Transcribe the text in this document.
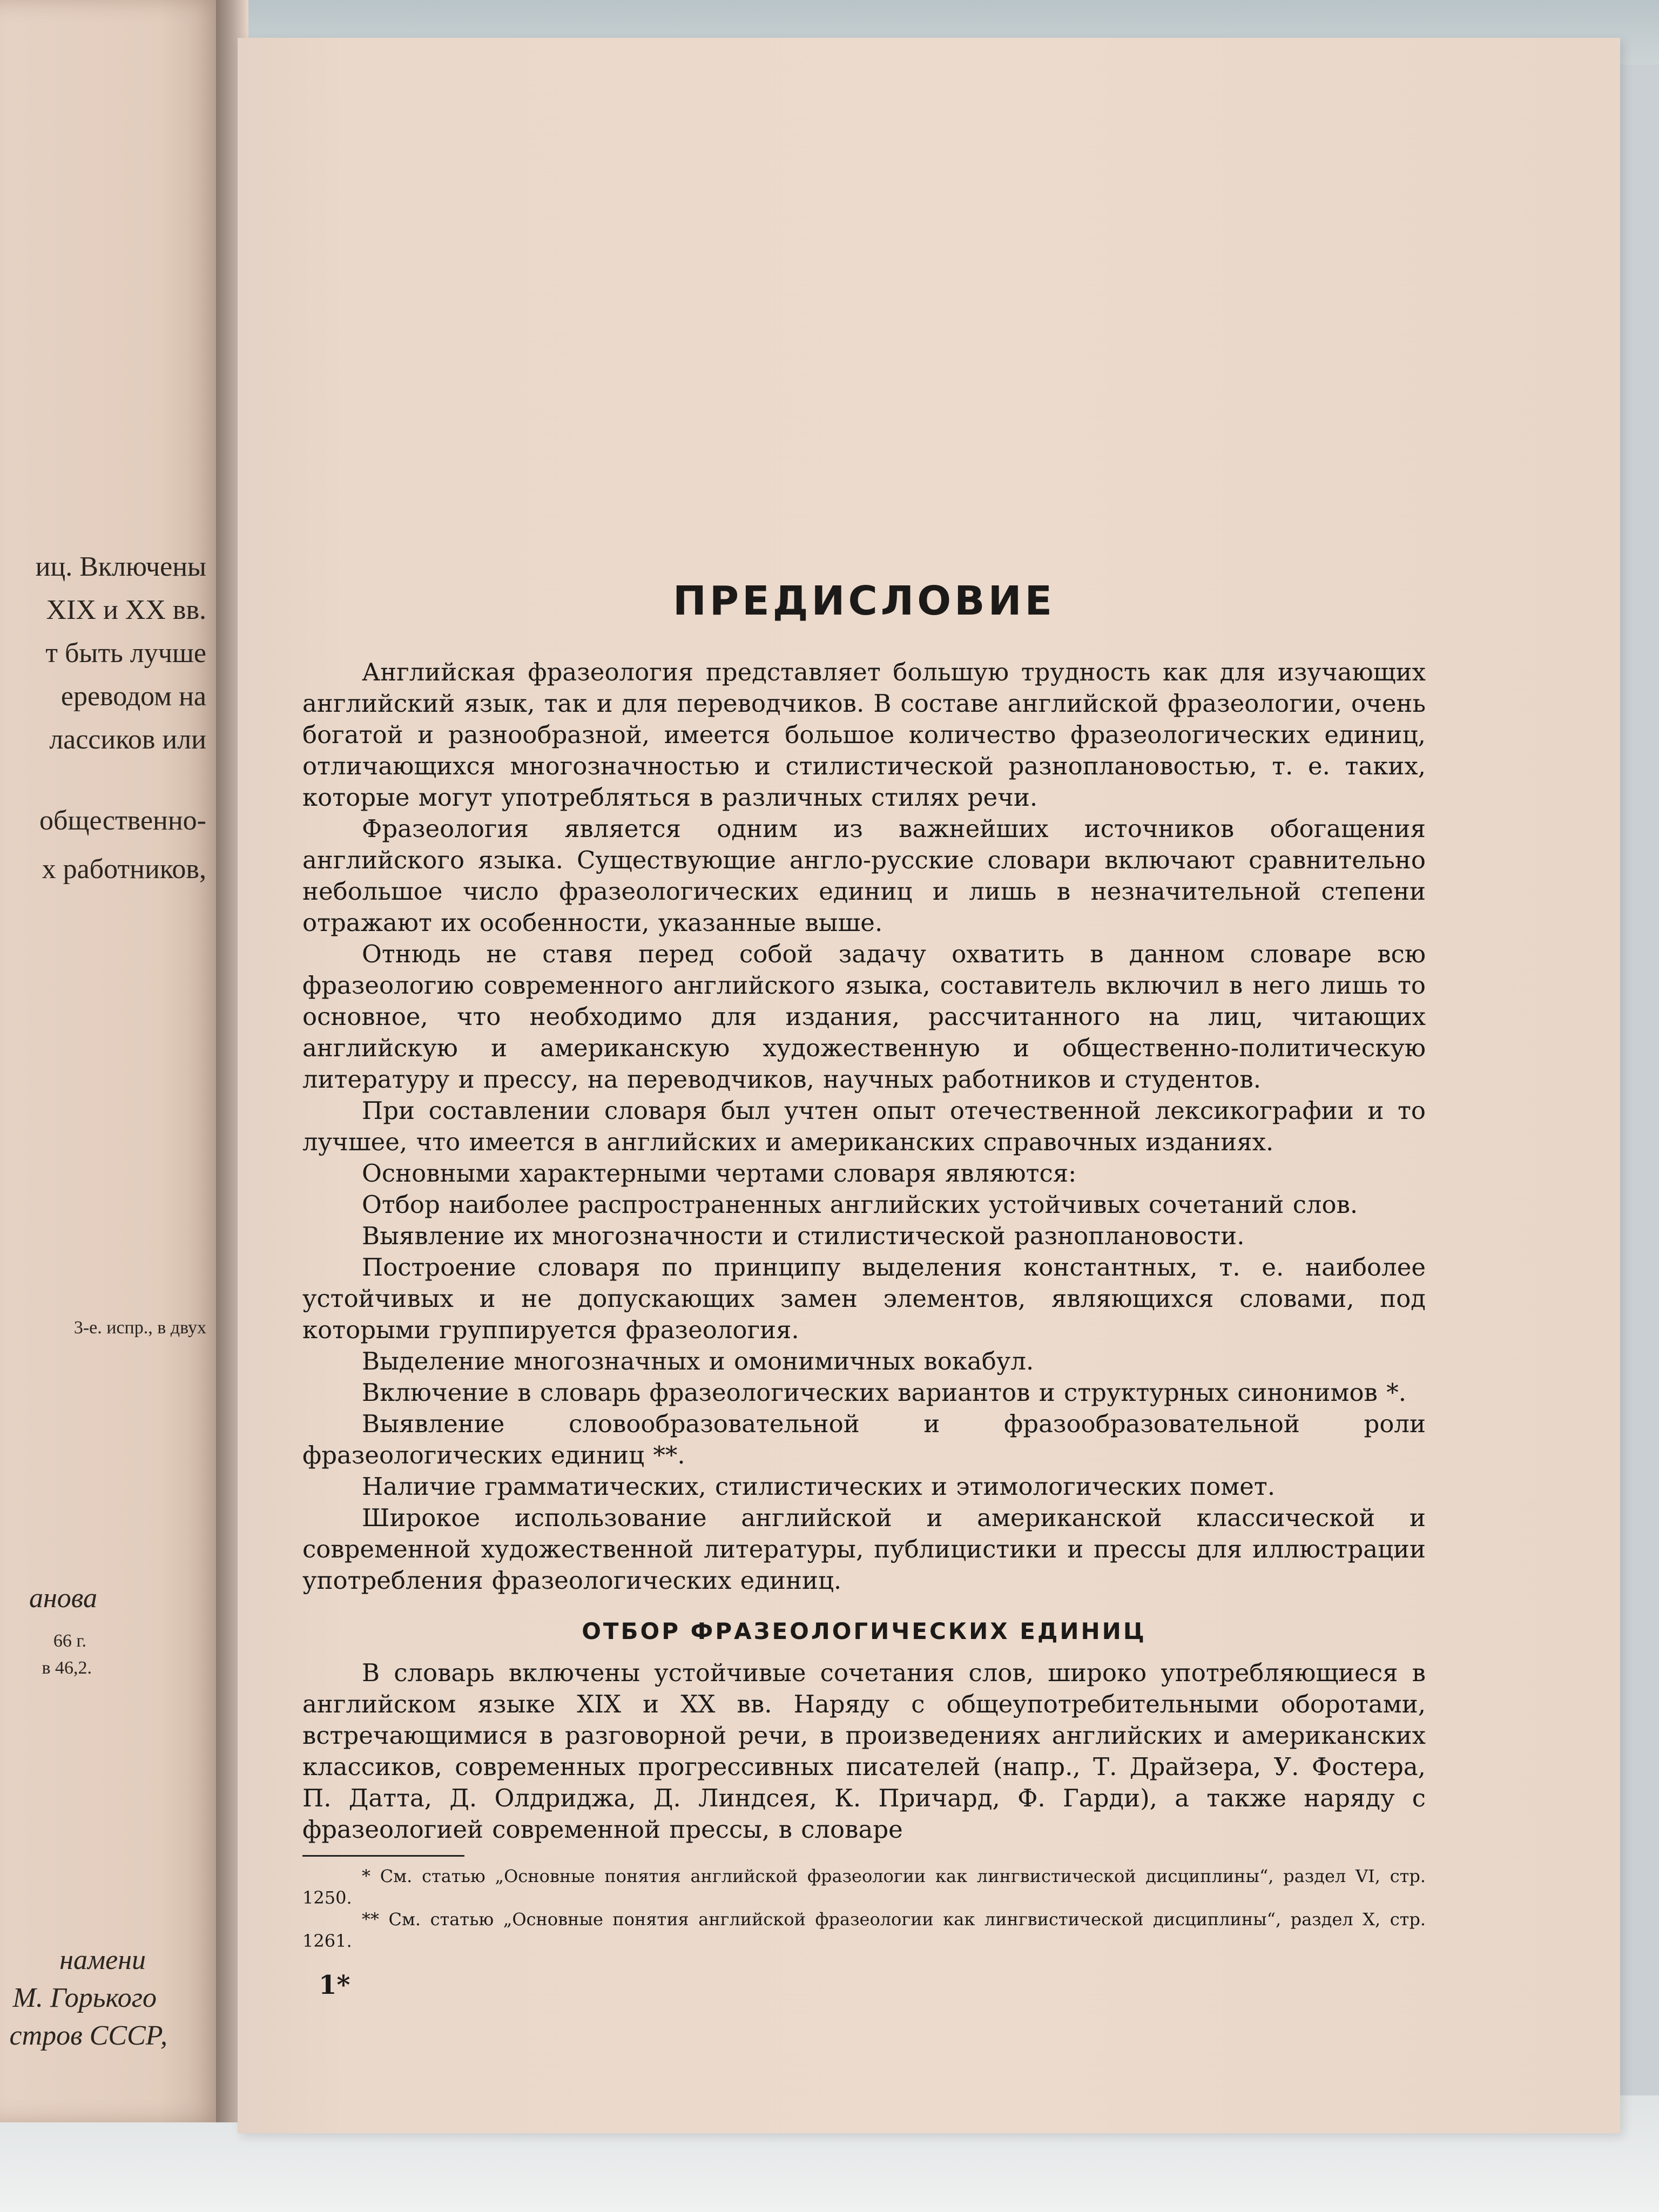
иц. Включены
XIX и XX вв.
т быть лучше
ереводом на
лассиков или
общественно-
х работников,
3-е. испр., в двух
анова
66 г.
в 46,2.
намени
М. Горького
стров СССР,
ПРЕДИСЛОВИЕ

Английская фразеология представляет большую трудность как для изучающих английский язык, так и для переводчиков. В составе английской фразеологии, очень богатой и разнообразной, имеется большое количество фразеологических единиц, отличающихся многозначностью и стилистической разноплановостью, т. е. таких, которые могут употребляться в различных стилях речи.

Фразеология является одним из важнейших источников обогащения английского языка. Существующие англо-русские словари включают сравнительно небольшое число фразеологических единиц и лишь в незначительной степени отражают их особенности, указанные выше.

Отнюдь не ставя перед собой задачу охватить в данном словаре всю фразеологию современного английского языка, составитель включил в него лишь то основное, что необходимо для издания, рассчитанного на лиц, читающих английскую и американскую художественную и общественно-политическую литературу и прессу, на переводчиков, научных работников и студентов.

При составлении словаря был учтен опыт отечественной лексикографии и то лучшее, что имеется в английских и американских справочных изданиях.

Основными характерными чертами словаря являются:

Отбор наиболее распространенных английских устойчивых сочетаний слов.

Выявление их многозначности и стилистической разноплановости.

Построение словаря по принципу выделения константных, т. е. наиболее устойчивых и не допускающих замен элементов, являющихся словами, под которыми группируется фразеология.

Выделение многозначных и омонимичных вокабул.

Включение в словарь фразеологических вариантов и структурных синонимов *.

Выявление словообразовательной и фразообразовательной роли фразеологических единиц **.

Наличие грамматических, стилистических и этимологических помет.

Широкое использование английской и американской классической и современной художественной литературы, публицистики и прессы для иллюстрации употребления фразеологических единиц.

ОТБОР ФРАЗЕОЛОГИЧЕСКИХ ЕДИНИЦ

В словарь включены устойчивые сочетания слов, широко употребляющиеся в английском языке XIX и XX вв. Наряду с общеупотребительными оборотами, встречающимися в разговорной речи, в произведениях английских и американских классиков, современных прогрессивных писателей (напр., Т. Драйзера, У. Фостера, П. Датта, Д. Олдриджа, Д. Линдсея, К. Причард, Ф. Гарди), а также наряду с фразеологией современной прессы, в словаре

* См. статью „Основные понятия английской фразеологии как лингвистической дисциплины“, раздел VI, стр. 1250.

** См. статью „Основные понятия английской фразеологии как лингвистической дисциплины“, раздел X, стр. 1261.

1*
